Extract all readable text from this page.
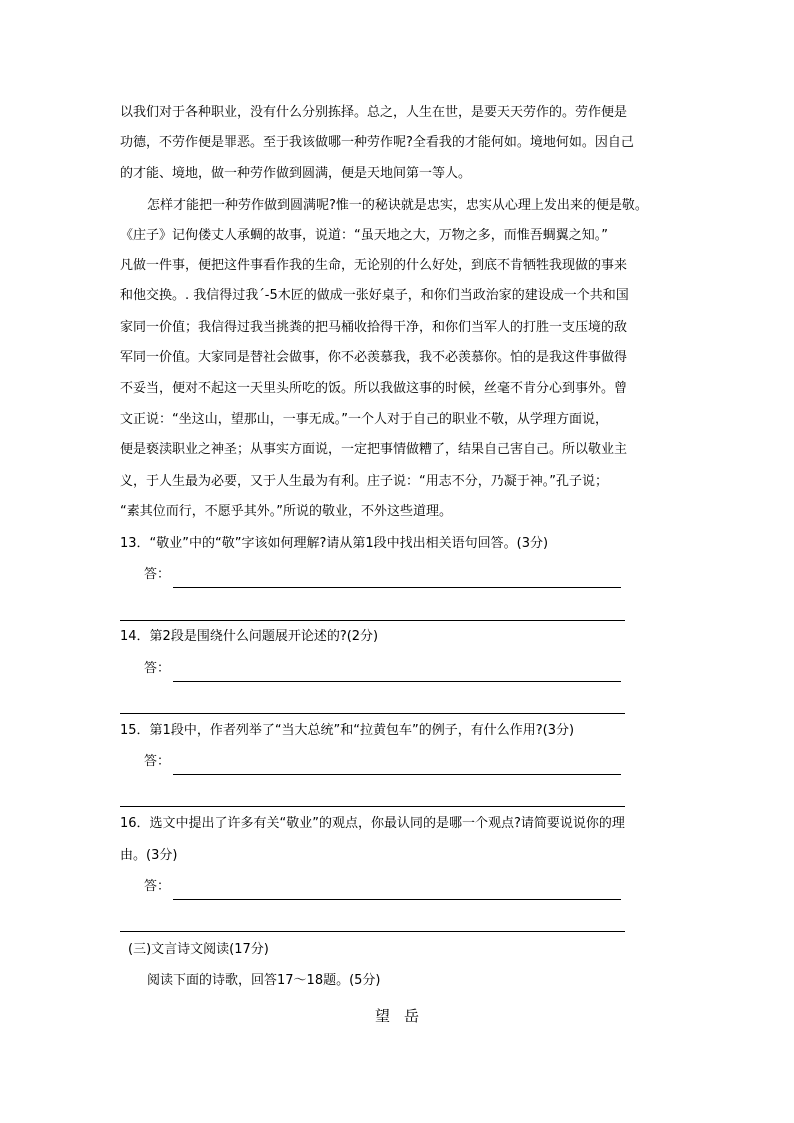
以我们对于各种职业，没有什么分别拣择。总之，人生在世，是要天天劳作的。劳作便是
功德，不劳作便是罪恶。至于我该做哪一种劳作呢?全看我的才能何如。境地何如。因自己
的才能、境地，做一种劳作做到圆满，便是天地间第一等人。
怎样才能把一种劳作做到圆满呢?惟一的秘诀就是忠实，忠实从心理上发出来的便是敬。
《庄子》记佝偻丈人承蜩的故事，说道：“虽天地之大，万物之多，而惟吾蜩翼之知。”
凡做一件事，便把这件事看作我的生命，无论别的什么好处，到底不肯牺牲我现做的事来
和他交换。. 我信得过我´-5木匠的做成一张好桌子，和你们当政治家的建设成一个共和国
家同一价值；我信得过我当挑粪的把马桶收拾得干净，和你们当军人的打胜一支压境的敌
军同一价值。大家同是替社会做事，你不必羡慕我，我不必羡慕你。怕的是我这件事做得
不妥当，便对不起这一天里头所吃的饭。所以我做这事的时候，丝毫不肯分心到事外。曾
文正说：“坐这山，望那山，一事无成。”一个人对于自己的职业不敬，从学理方面说，
便是亵渎职业之神圣；从事实方面说，一定把事情做糟了，结果自己害自己。所以敬业主
义，于人生最为必要，又于人生最为有利。庄子说：“用志不分，乃凝于神。”孔子说；
“素其位而行，不愿乎其外。”所说的敬业，不外这些道理。
13．“敬业”中的“敬”字该如何理解?请从第1段中找出相关语句回答。(3分)
答：
14．第2段是围绕什么问题展开论述的?(2分)
答：
15．第1段中，作者列举了“当大总统”和“拉黄包车”的例子，有什么作用?(3分)
答：
16．选文中提出了许多有关“敬业”的观点，你最认同的是哪一个观点?请简要说说你的理
由。(3分)
答：
(三)文言诗文阅读(17分)
阅读下面的诗歌，回答17～18题。(5分)
望岳
